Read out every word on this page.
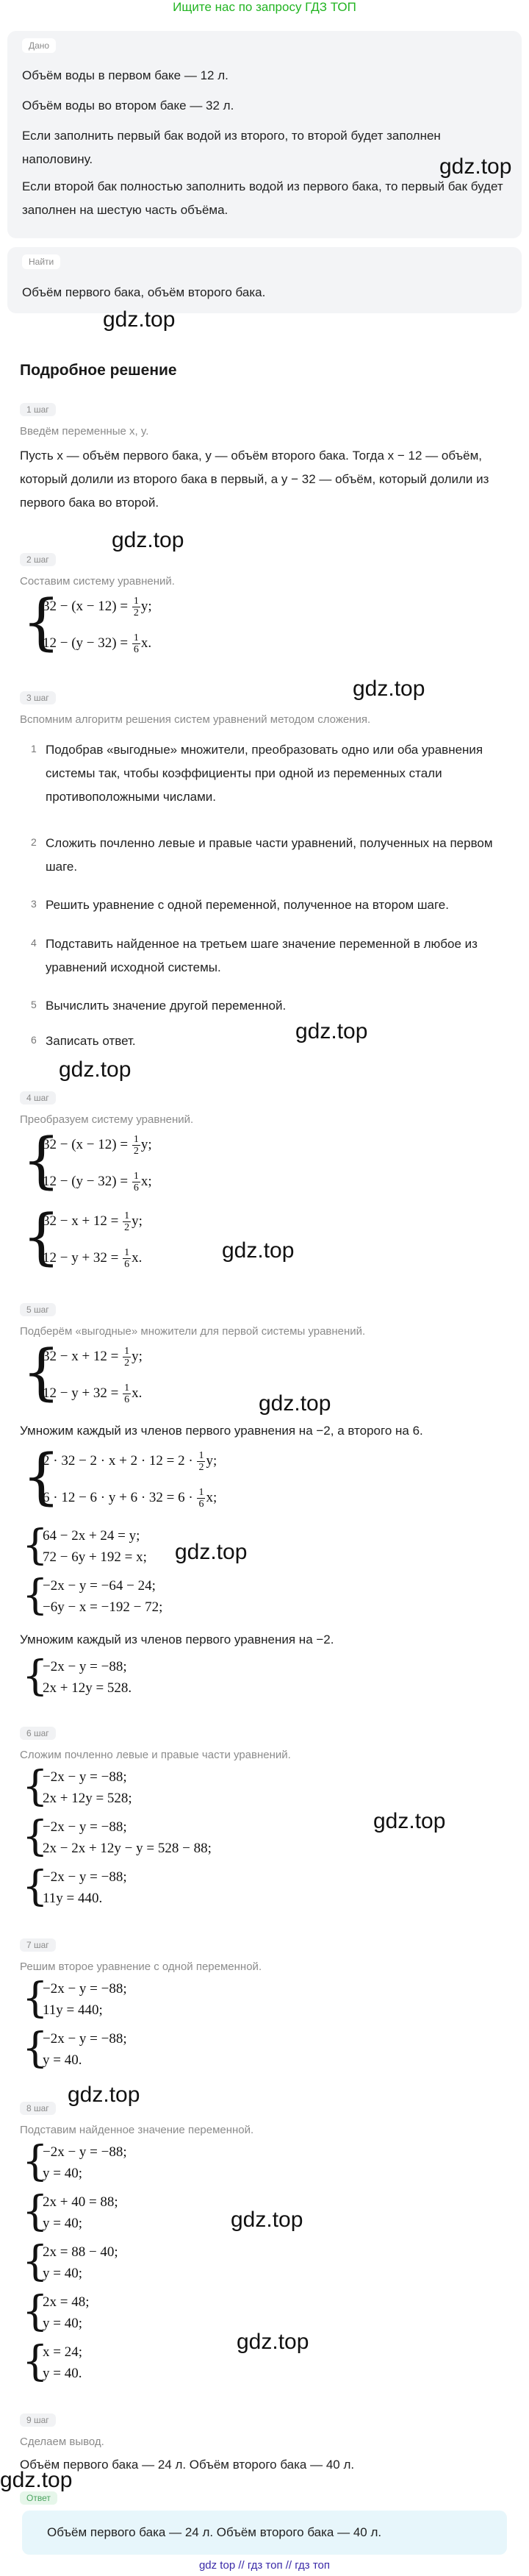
Ищите нас по запросу ГДЗ ТОП
Дано
Объём воды в первом баке — 12 л.
Объём воды во втором баке — 32 л.
Если заполнить первый бак водой из второго, то второй будет заполнен наполовину.
Если второй бак полностью заполнить водой из первого бака, то первый бак будет заполнен на шестую часть объёма.
Найти
Объём первого бака, объём второго бака.
Подробное решение
1 шаг
Введём переменные x, y.
Пусть x — объём первого бака, y — объём второго бака. Тогда x − 12 — объём, который долили из второго бака в первый, а y − 32 — объём, который долили из первого бака во второй.
2 шаг
Составим систему уравнений.
{
$32 - (x - 12) = \frac{1}{2} y$;
$12 - (y - 32) = \frac{1}{6} x$.
3 шаг
Вспомним алгоритм решения систем уравнений методом сложения.
1 Подобрав «выгодные» множители, преобразовать одно или оба уравнения системы так, чтобы коэффициенты при одной из переменных стали противоположными числами.
2 Сложить почленно левые и правые части уравнений, полученных на первом шаге.
3 Решить уравнение с одной переменной, полученное на втором шаге.
4 Подставить найденное на третьем шаге значение переменной в любое из уравнений исходной системы.
5 Вычислить значение другой переменной.
6 Записать ответ.
4 шаг
Преобразуем систему уравнений.
{
$32 - (x - 12) = \frac{1}{2} y$;
$12 - (y - 32) = \frac{1}{6} x$;
{
$32 - x + 12 = \frac{1}{2} y$;
$12 - y + 32 = \frac{1}{6} x$.
5 шаг
Подберём «выгодные» множители для первой системы уравнений.
{
$32 - x + 12 = \frac{1}{2} y$;
$12 - y + 32 = \frac{1}{6} x$.
Умножим каждый из членов первого уравнения на −2, а второго на 6.
{
$2 \cdot 32 - 2 \cdot x + 2 \cdot 12 = 2 \cdot \frac{1}{2} y$;
$6 \cdot 12 - 6 \cdot y + 6 \cdot 32 = 6 \cdot \frac{1}{6} x$;
{
64 − 2x + 24 = y;
72 − 6y + 192 = x;
{
−2x − y = −64 − 24;
−6y − x = −192 − 72;
Умножим каждый из членов первого уравнения на −2.
{
−2x − y = −88;
2x + 12y = 528.
6 шаг
Сложим почленно левые и правые части уравнений.
{
−2x − y = −88;
2x + 12y = 528;
{
−2x − y = −88;
2x − 2x + 12y − y = 528 − 88;
{
−2x − y = −88;
11y = 440.
7 шаг
Решим второе уравнение с одной переменной.
{
−2x − y = −88;
11y = 440;
{
−2x − y = −88;
y = 40.
8 шаг
Подставим найденное значение переменной.
{
−2x − y = −88;
y = 40;
{
2x + 40 = 88;
y = 40;
{
2x = 88 − 40;
y = 40;
{
2x = 48;
y = 40;
{
x = 24;
y = 40.
9 шаг
Сделаем вывод.
Объём первого бака — 24 л. Объём второго бака — 40 л.
Ответ
Объём первого бака — 24 л. Объём второго бака — 40 л.
gdz top // гдз топ // гдз топ
gdz.top
gdz.top
gdz.top
gdz.top
gdz.top
gdz.top
gdz.top
gdz.top
gdz.top
gdz.top
gdz.top
gdz.top
gdz.top
gdz.top
